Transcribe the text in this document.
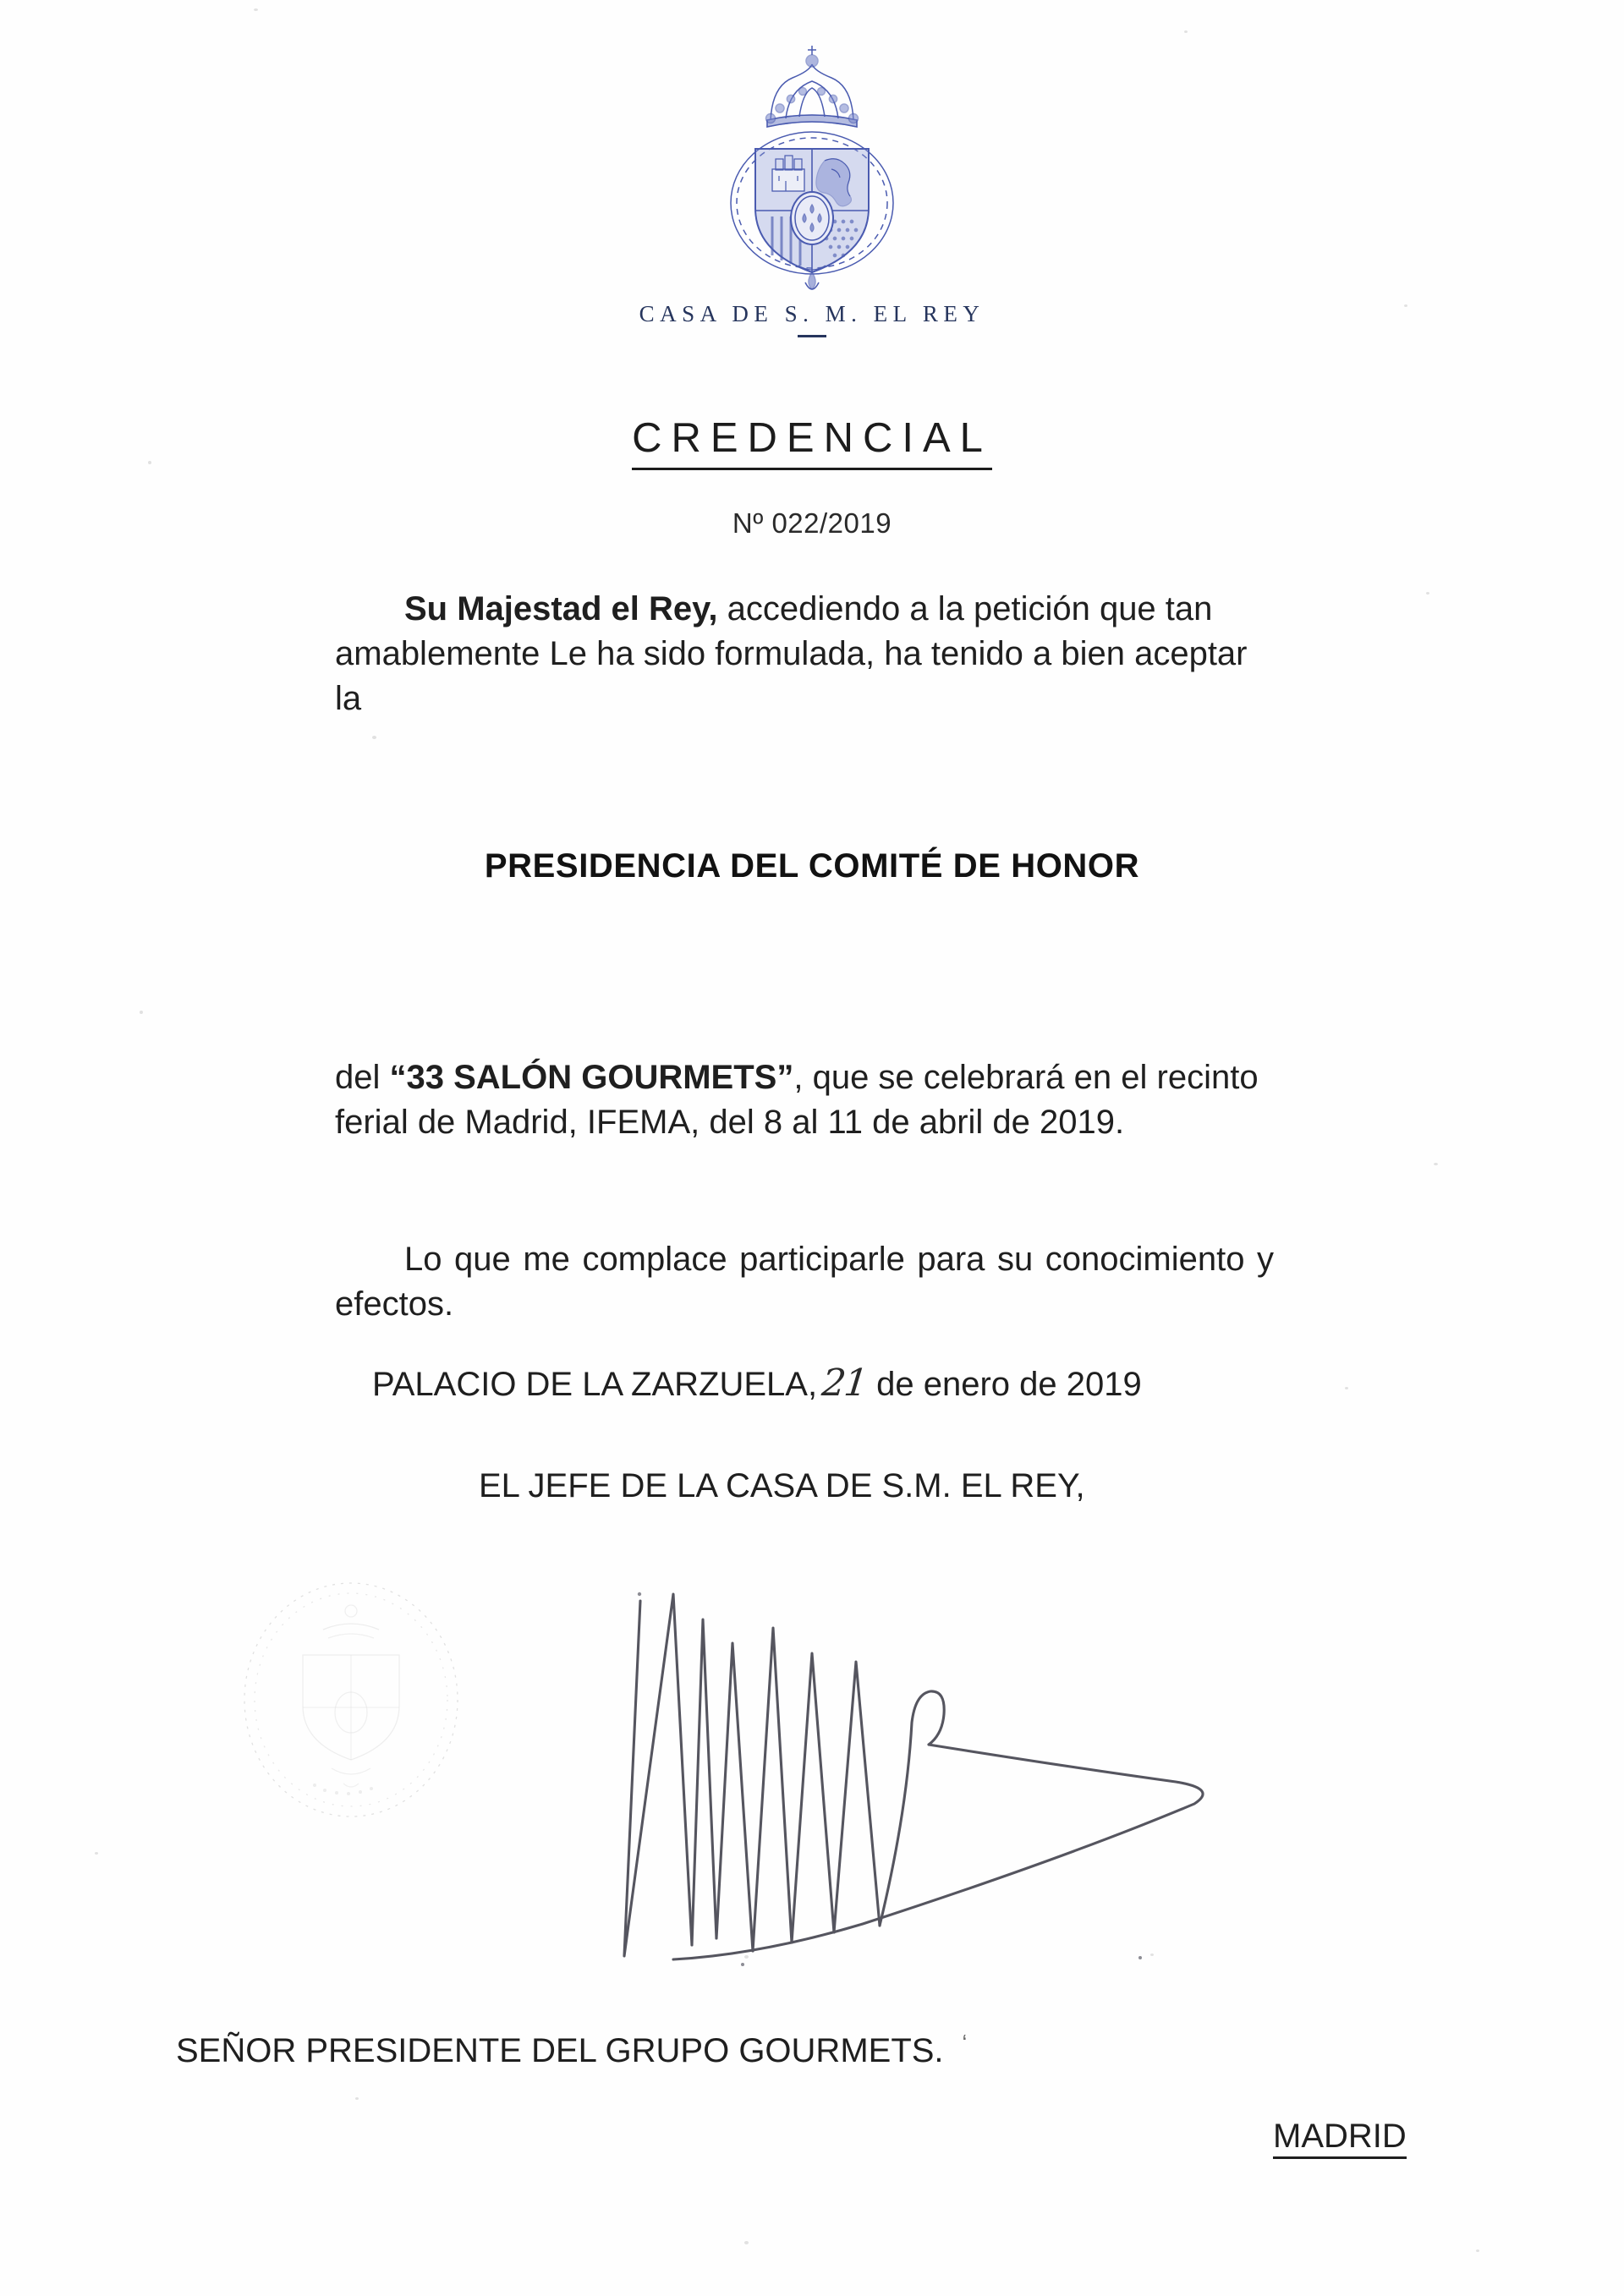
CASA DE S. M. EL REY
CREDENCIAL
Nº 022/2019

Su Majestad el Rey, accediendo a la petición que tan amablemente Le ha sido formulada, ha tenido a bien aceptar la

PRESIDENCIA DEL COMITÉ DE HONOR

del “33 SALÓN GOURMETS”, que se celebrará en el recinto ferial de Madrid, IFEMA, del 8 al 11 de abril de 2019.

Lo que me complace participarle para su conocimiento y efectos.

PALACIO DE LA ZARZUELA,21 de enero de 2019
EL JEFE DE LA CASA DE S.M. EL REY,
SEÑOR PRESIDENTE DEL GRUPO GOURMETS. ‘
MADRID
